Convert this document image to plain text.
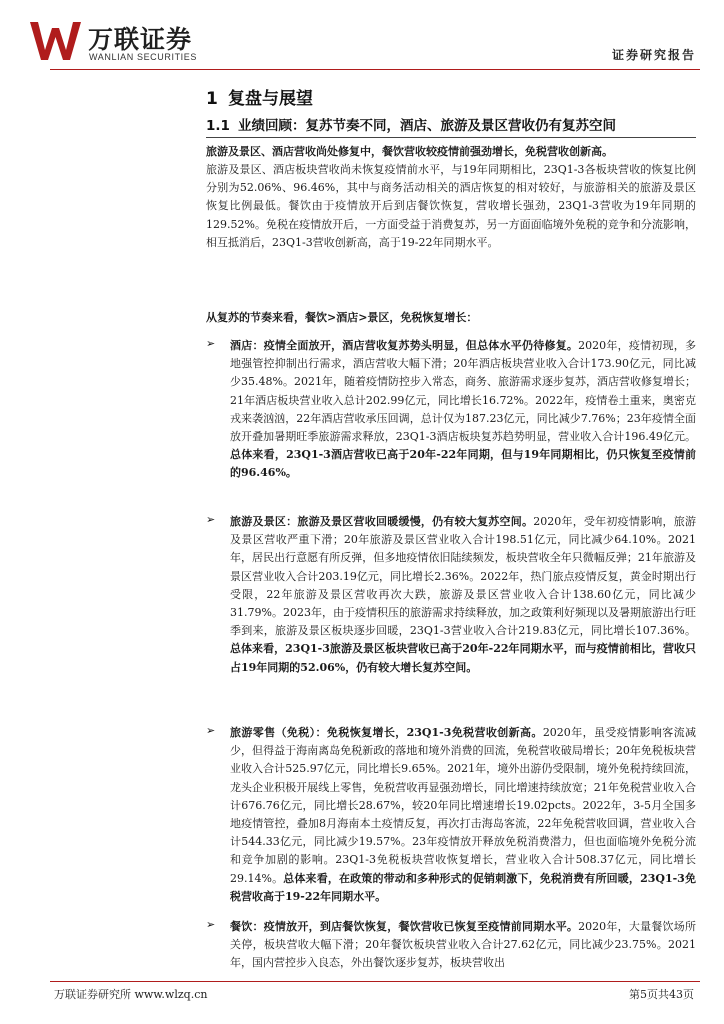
万联证券
WANLIAN SECURITIES	证券研究报告
1 复盘与展望
1.1 业绩回顾：复苏节奏不同，酒店、旅游及景区营收仍有复苏空间

旅游及景区、酒店营收尚处修复中，餐饮营收较疫情前强劲增长，免税营收创新高。

旅游及景区、酒店板块营收尚未恢复疫情前水平，与19年同期相比，23Q1-3各板块营收的恢复比例分别为52.06%、96.46%，其中与商务活动相关的酒店恢复的相对较好，与旅游相关的旅游及景区恢复比例最低。餐饮由于疫情放开后到店餐饮恢复，营收增长强劲，23Q1-3营收为19年同期的129.52%。免税在疫情放开后，一方面受益于消费复苏，另一方面面临境外免税的竞争和分流影响，相互抵消后，23Q1-3营收创新高，高于19-22年同期水平。

从复苏的节奏来看，餐饮>酒店>景区，免税恢复增长：

➢ 酒店：疫情全面放开，酒店营收复苏势头明显，但总体水平仍待修复。2020年，疫情初现，多地强管控抑制出行需求，酒店营收大幅下滑；20年酒店板块营业收入合计173.90亿元，同比减少35.48%。2021年，随着疫情防控步入常态，商务、旅游需求逐步复苏，酒店营收修复增长；21年酒店板块营业收入总计202.99亿元，同比增长16.72%。2022年，疫情卷土重来，奥密克戎来袭汹汹，22年酒店营收承压回调，总计仅为187.23亿元，同比减少7.76%；23年疫情全面放开叠加暑期旺季旅游需求释放，23Q1-3酒店板块复苏趋势明显，营业收入合计196.49亿元。总体来看，23Q1-3酒店营收已高于20年-22年同期，但与19年同期相比，仍只恢复至疫情前的96.46%。

➢ 旅游及景区：旅游及景区营收回暖缓慢，仍有较大复苏空间。2020年，受年初疫情影响，旅游及景区营收严重下滑；20年旅游及景区营业收入合计198.51亿元，同比减少64.10%。2021年，居民出行意愿有所反弹，但多地疫情依旧陆续频发，板块营收全年只微幅反弹；21年旅游及景区营业收入合计203.19亿元，同比增长2.36%。2022年，热门旅点疫情反复，黄金时期出行受限，22年旅游及景区营收再次大跌，旅游及景区营业收入合计138.60亿元，同比减少31.79%。2023年，由于疫情积压的旅游需求持续释放，加之政策利好频现以及暑期旅游出行旺季到来，旅游及景区板块逐步回暖，23Q1-3营业收入合计219.83亿元，同比增长107.36%。总体来看，23Q1-3旅游及景区板块营收已高于20年-22年同期水平，而与疫情前相比，营收只占19年同期的52.06%，仍有较大增长复苏空间。

➢ 旅游零售（免税）：免税恢复增长，23Q1-3免税营收创新高。2020年，虽受疫情影响客流减少，但得益于海南离岛免税新政的落地和境外消费的回流，免税营收破局增长；20年免税板块营业收入合计525.97亿元，同比增长9.65%。2021年，境外出游仍受限制，境外免税持续回流，龙头企业积极开展线上零售，免税营收再显强劲增长，同比增速持续放宽；21年免税营业收入合计676.76亿元，同比增长28.67%，较20年同比增速增长19.02pcts。2022年，3-5月全国多地疫情管控，叠加8月海南本土疫情反复，再次打击海岛客流，22年免税营收回调，营业收入合计544.33亿元，同比减少19.57%。23年疫情放开释放免税消费潜力，但也面临境外免税分流和竞争加剧的影响。23Q1-3免税板块营收恢复增长，营业收入合计508.37亿元，同比增长29.14%。总体来看，在政策的带动和多种形式的促销刺激下，免税消费有所回暖，23Q1-3免税营收高于19-22年同期水平。

➢ 餐饮：疫情放开，到店餐饮恢复，餐饮营收已恢复至疫情前同期水平。2020年，大量餐饮场所关停，板块营收大幅下滑；20年餐饮板块营业收入合计27.62亿元，同比减少23.75%。2021年，国内营控步入良态，外出餐饮逐步复苏，板块营收出

万联证券研究所 www.wlzq.cn	第5页共43页
